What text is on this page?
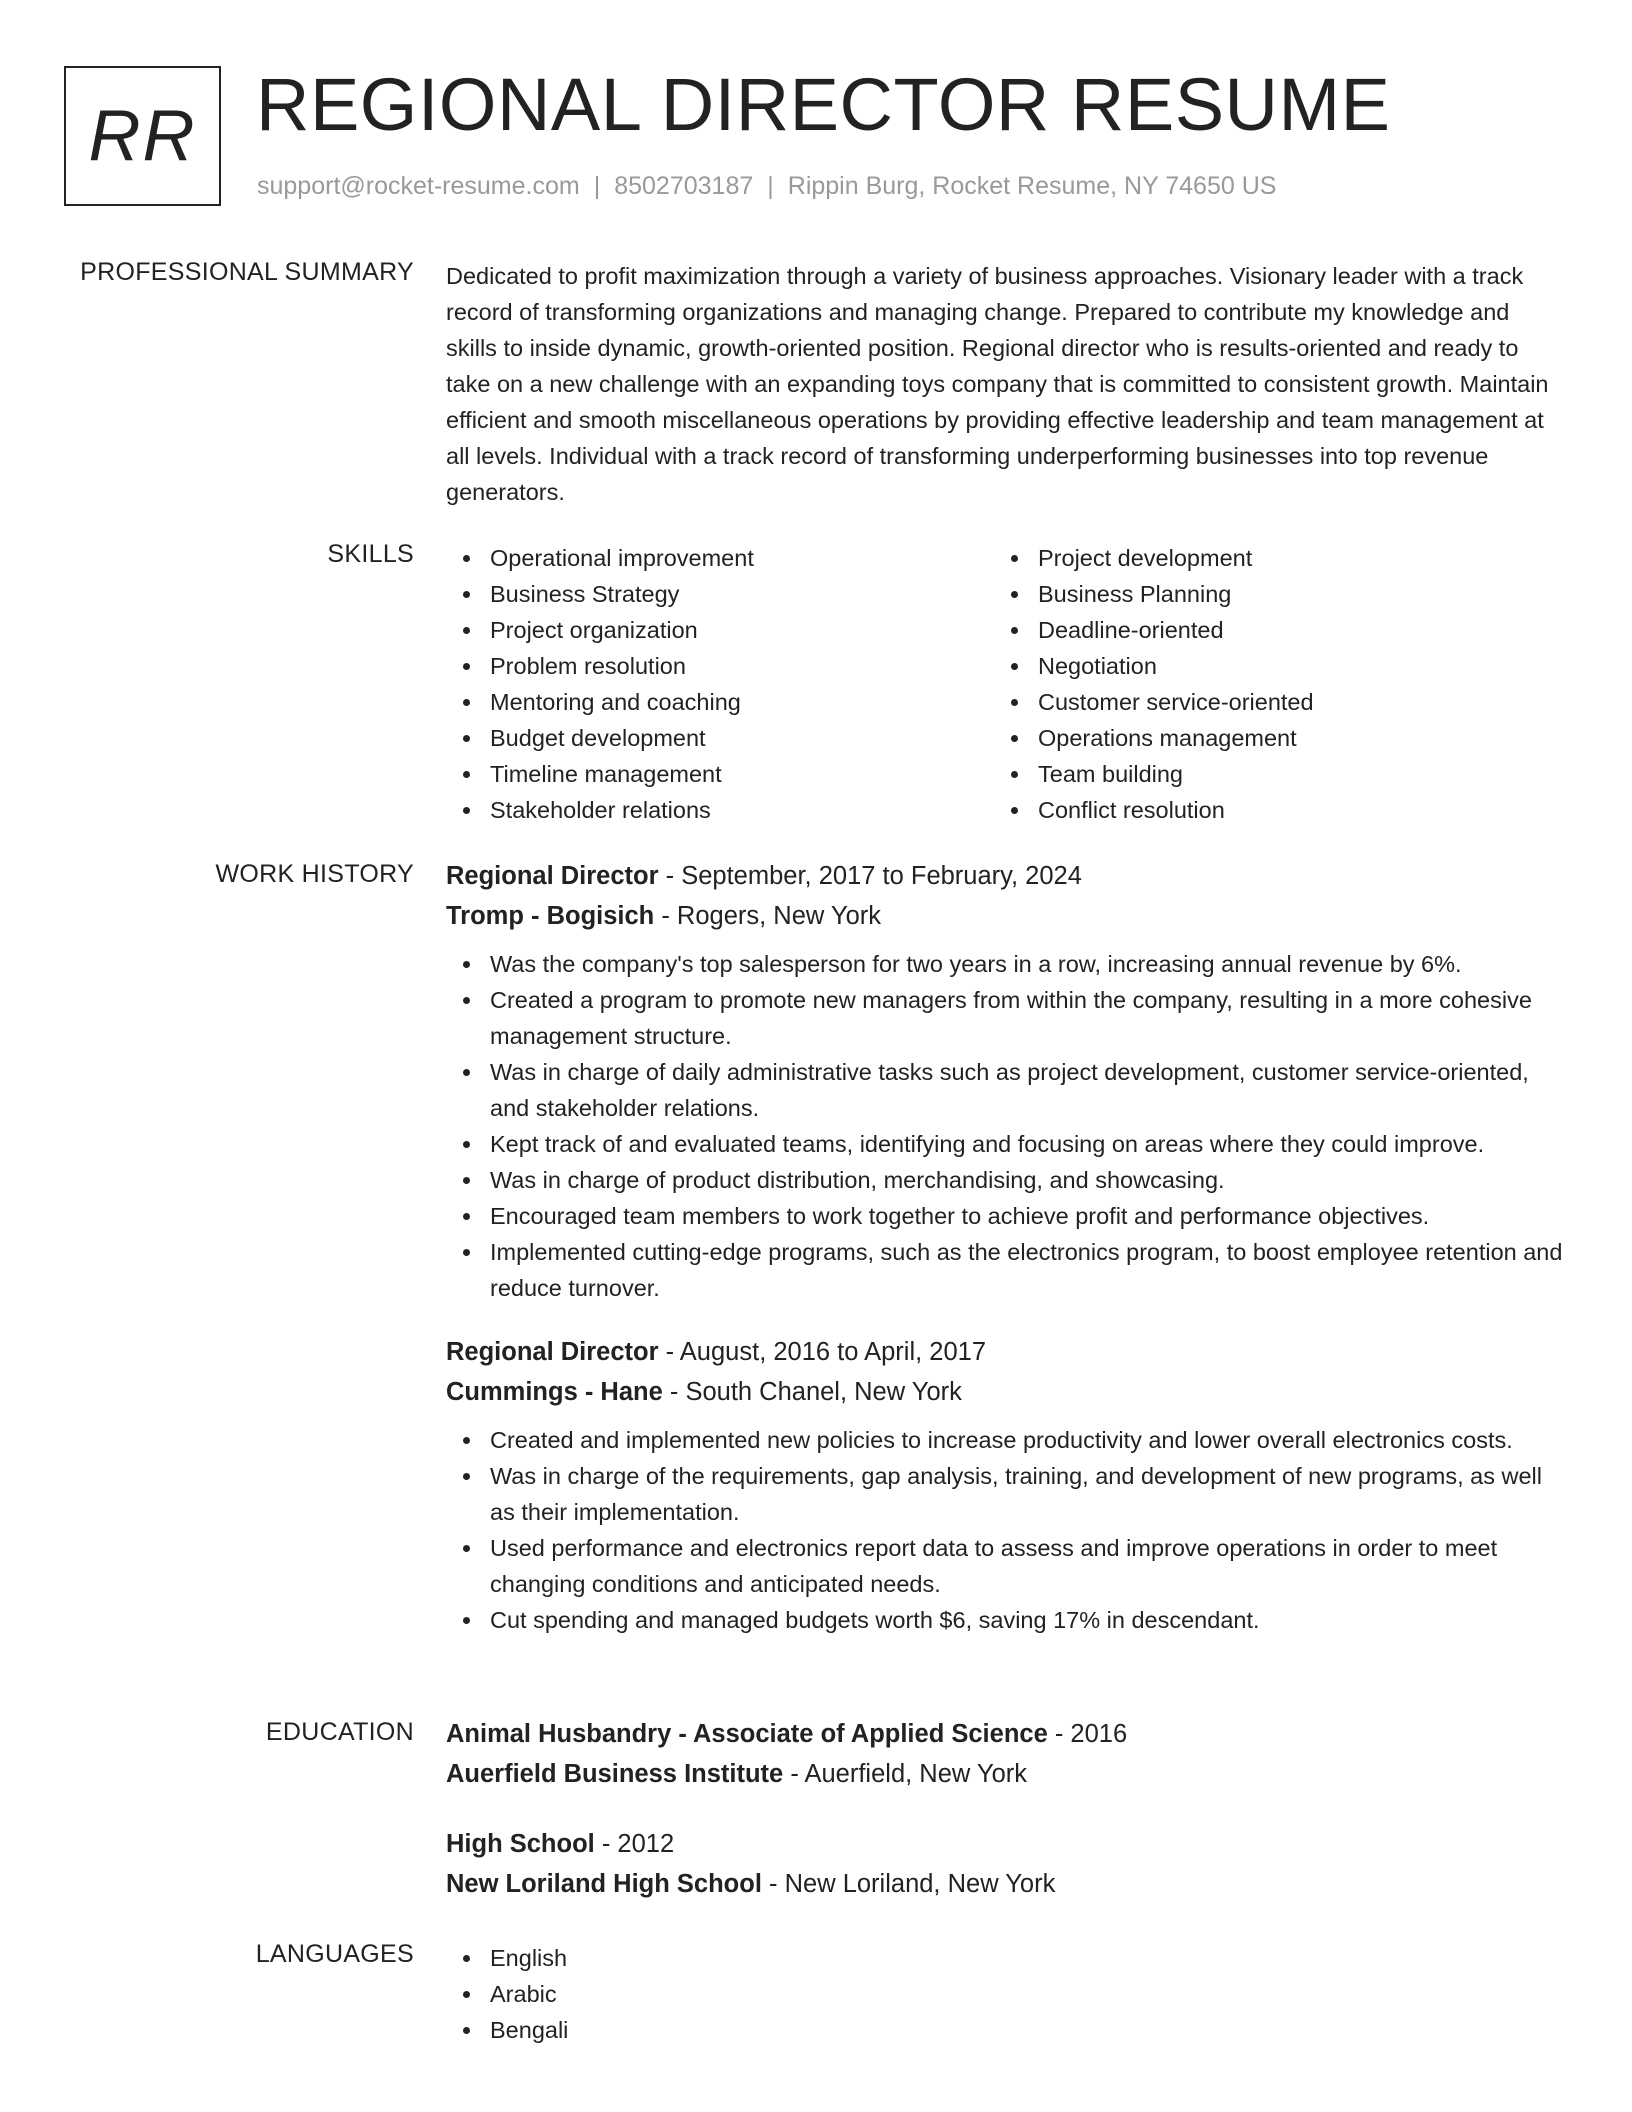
RR REGIONAL DIRECTOR RESUME
support@rocket-resume.com | 8502703187 | Rippin Burg, Rocket Resume, NY 74650 US
PROFESSIONAL SUMMARY Dedicated to profit maximization through a variety of business approaches. Visionary leader with a track record of transforming organizations and managing change. Prepared to contribute my knowledge and skills to inside dynamic, growth-oriented position. Regional director who is results-oriented and ready to take on a new challenge with an expanding toys company that is committed to consistent growth. Maintain efficient and smooth miscellaneous operations by providing effective leadership and team management at all levels. Individual with a track record of transforming underperforming businesses into top revenue generators.

SKILLS	Operational improvement
Business Strategy
Project organization
Problem resolution
Mentoring and coaching
Budget development
Timeline management
Stakeholder relations
Project development
Business Planning
Deadline-oriented
Negotiation
Customer service-oriented
Operations management
Team building
Conflict resolution
WORK HISTORY Regional Director - September, 2017 to February, 2024
Tromp - Bogisich - Rogers, New York
Was the company's top salesperson for two years in a row, increasing annual revenue by 6%.
Created a program to promote new managers from within the company, resulting in a more cohesive management structure.
Was in charge of daily administrative tasks such as project development, customer service-oriented, and stakeholder relations.
Kept track of and evaluated teams, identifying and focusing on areas where they could improve.
Was in charge of product distribution, merchandising, and showcasing.
Encouraged team members to work together to achieve profit and performance objectives.
Implemented cutting-edge programs, such as the electronics program, to boost employee retention and reduce turnover.
Regional Director - August, 2016 to April, 2017
Cummings - Hane - South Chanel, New York
Created and implemented new policies to increase productivity and lower overall electronics costs.
Was in charge of the requirements, gap analysis, training, and development of new programs, as well as their implementation.
Used performance and electronics report data to assess and improve operations in order to meet changing conditions and anticipated needs.
Cut spending and managed budgets worth $6, saving 17% in descendant.
EDUCATION Animal Husbandry - Associate of Applied Science - 2016
Auerfield Business Institute - Auerfield, New York
High School - 2012
New Loriland High School - New Loriland, New York
LANGUAGES	English
Arabic
Bengali
